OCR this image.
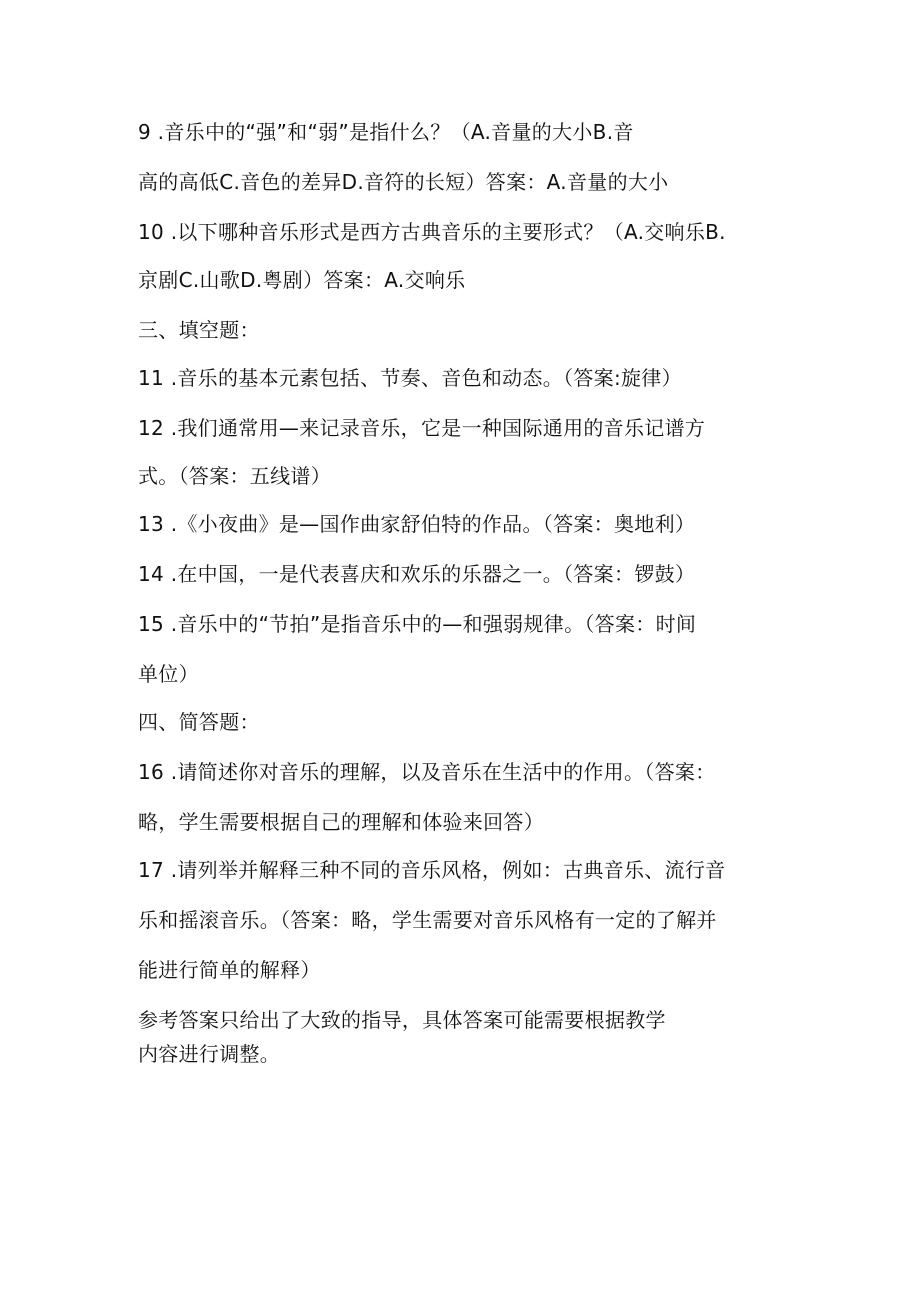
9 .音乐中的“强”和“弱”是指什么？（A.音量的大小B.音
高的高低C.音色的差异D.音符的长短）答案：A.音量的大小
10 .以下哪种音乐形式是西方古典音乐的主要形式？（A.交响乐B.
京剧C.山歌D.粤剧）答案：A.交响乐
三、填空题：
11 .音乐的基本元素包括、节奏、音色和动态。（答案:旋律）
12 .我们通常用—来记录音乐，它是一种国际通用的音乐记谱方
式。（答案：五线谱）
13 .《小夜曲》是—国作曲家舒伯特的作品。（答案：奥地利）
14 .在中国，一是代表喜庆和欢乐的乐器之一。（答案：锣鼓）
15 .音乐中的“节拍”是指音乐中的—和强弱规律。（答案：时间
单位）
四、简答题：
16 .请简述你对音乐的理解，以及音乐在生活中的作用。（答案：
略，学生需要根据自己的理解和体验来回答）
17 .请列举并解释三种不同的音乐风格，例如：古典音乐、流行音
乐和摇滚音乐。（答案：略，学生需要对音乐风格有一定的了解并
能进行简单的解释）
参考答案只给出了大致的指导，具体答案可能需要根据教学
内容进行调整。
